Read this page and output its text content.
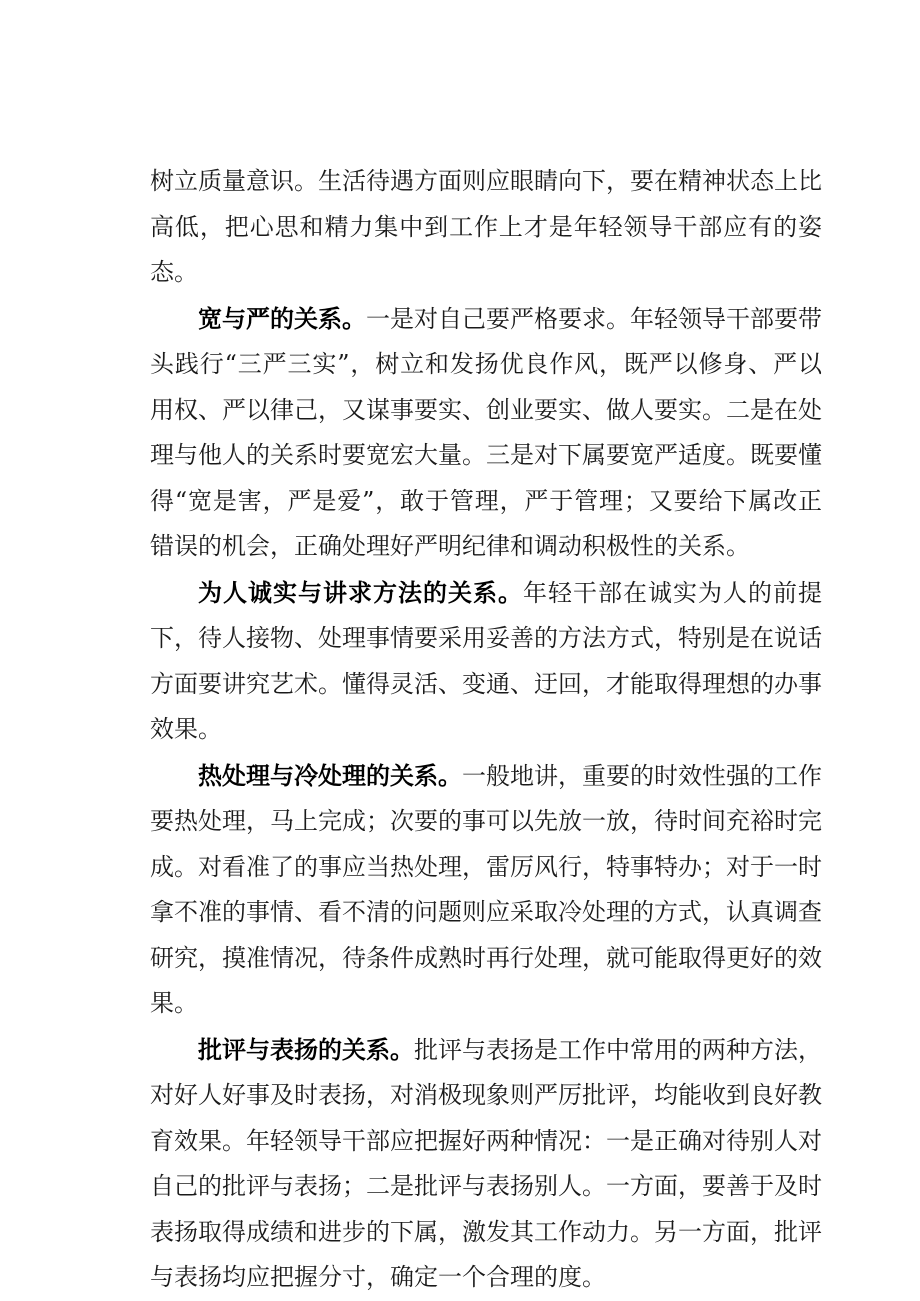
树立质量意识。生活待遇方面则应眼睛向下，要在精神状态上比高低，把心思和精力集中到工作上才是年轻领导干部应有的姿态。

宽与严的关系。一是对自己要严格要求。年轻领导干部要带头践行“三严三实”，树立和发扬优良作风，既严以修身、严以用权、严以律己，又谋事要实、创业要实、做人要实。二是在处理与他人的关系时要宽宏大量。三是对下属要宽严适度。既要懂得“宽是害，严是爱”，敢于管理，严于管理；又要给下属改正错误的机会，正确处理好严明纪律和调动积极性的关系。

为人诚实与讲求方法的关系。年轻干部在诚实为人的前提下，待人接物、处理事情要采用妥善的方法方式，特别是在说话方面要讲究艺术。懂得灵活、变通、迂回，才能取得理想的办事效果。

热处理与冷处理的关系。一般地讲，重要的时效性强的工作要热处理，马上完成；次要的事可以先放一放，待时间充裕时完成。对看准了的事应当热处理，雷厉风行，特事特办；对于一时拿不准的事情、看不清的问题则应采取冷处理的方式，认真调查研究，摸准情况，待条件成熟时再行处理，就可能取得更好的效果。

批评与表扬的关系。批评与表扬是工作中常用的两种方法，对好人好事及时表扬，对消极现象则严厉批评，均能收到良好教育效果。年轻领导干部应把握好两种情况：一是正确对待别人对自己的批评与表扬；二是批评与表扬别人。一方面，要善于及时表扬取得成绩和进步的下属，激发其工作动力。另一方面，批评与表扬均应把握分寸，确定一个合理的度。
